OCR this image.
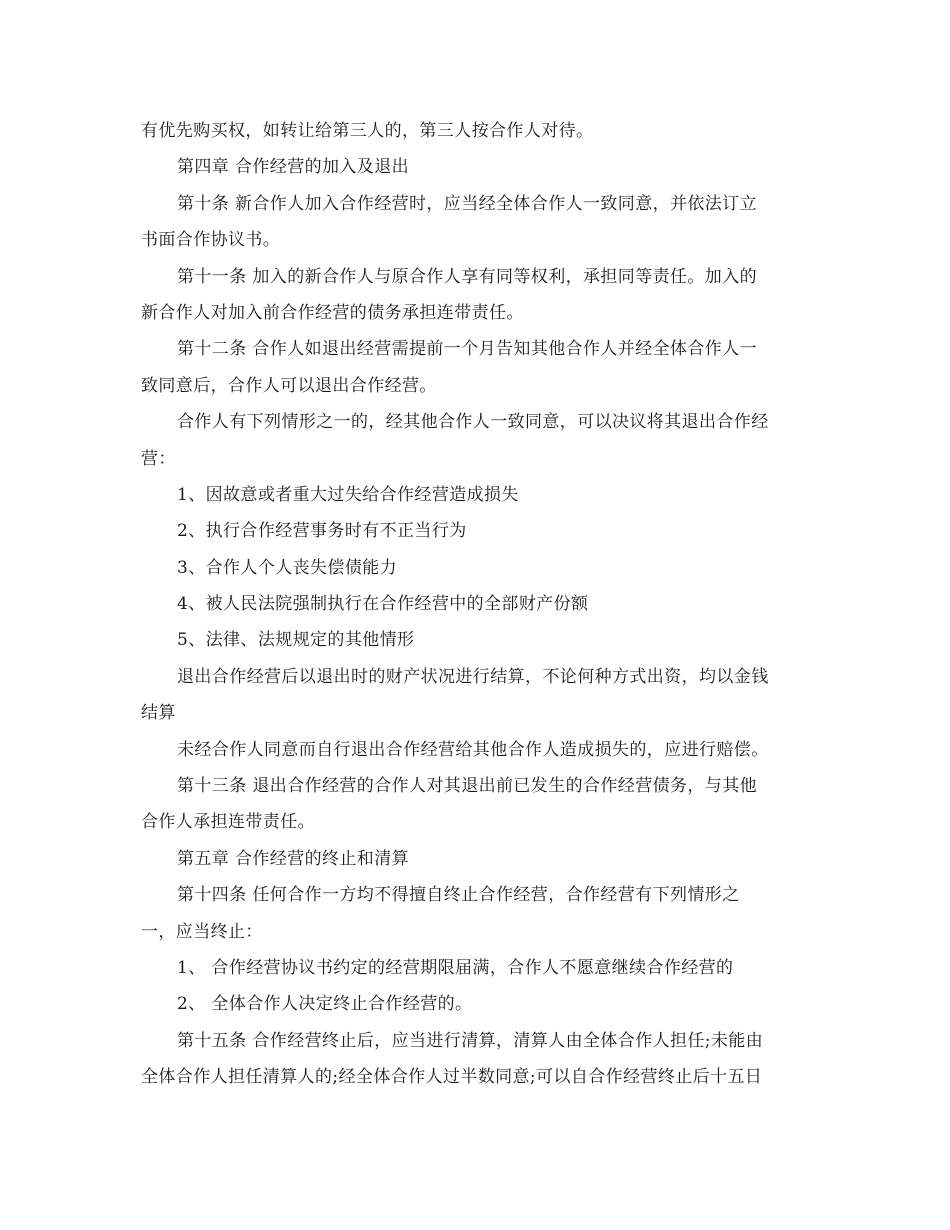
有优先购买权，如转让给第三人的，第三人按合作人对待。
第四章 合作经营的加入及退出
第十条 新合作人加入合作经营时，应当经全体合作人一致同意，并依法订立
书面合作协议书。
第十一条 加入的新合作人与原合作人享有同等权利，承担同等责任。加入的
新合作人对加入前合作经营的债务承担连带责任。
第十二条 合作人如退出经营需提前一个月告知其他合作人并经全体合作人一
致同意后，合作人可以退出合作经营。
合作人有下列情形之一的，经其他合作人一致同意，可以决议将其退出合作经
营：
1、因故意或者重大过失给合作经营造成损失
2、执行合作经营事务时有不正当行为
3、合作人个人丧失偿债能力
4、被人民法院强制执行在合作经营中的全部财产份额
5、法律、法规规定的其他情形
退出合作经营后以退出时的财产状况进行结算，不论何种方式出资，均以金钱
结算
未经合作人同意而自行退出合作经营给其他合作人造成损失的，应进行赔偿。
第十三条 退出合作经营的合作人对其退出前已发生的合作经营债务，与其他
合作人承担连带责任。
第五章 合作经营的终止和清算
第十四条 任何合作一方均不得擅自终止合作经营，合作经营有下列情形之
一，应当终止：
1、 合作经营协议书约定的经营期限届满，合作人不愿意继续合作经营的
2、 全体合作人决定终止合作经营的。
第十五条 合作经营终止后，应当进行清算，清算人由全体合作人担任;未能由
全体合作人担任清算人的;经全体合作人过半数同意;可以自合作经营终止后十五日
